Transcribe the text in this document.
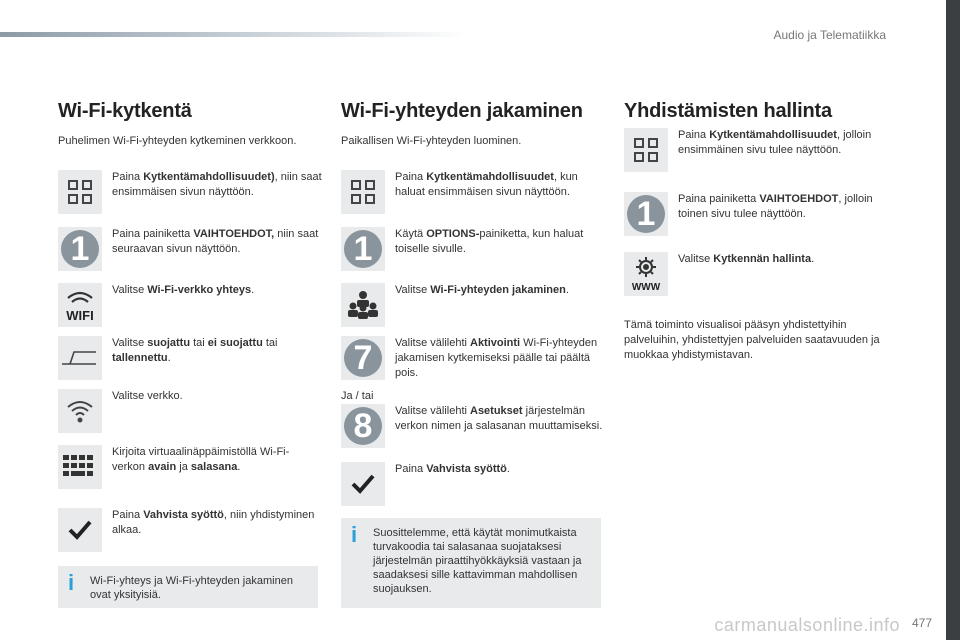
Audio ja Telematiikka
Wi-Fi-kytkentä
Puhelimen Wi-Fi-yhteyden kytkeminen verkkoon.
Paina Kytkentämahdollisuudet), niin saat ensimmäisen sivun näyttöön.
1	Paina painiketta VAIHTOEHDOT, niin saat seuraavan sivun näyttöön.
WIFI
Valitse Wi-Fi-verkko yhteys.
Valitse suojattu tai ei suojattu tai tallennettu.
Valitse verkko.
Kirjoita virtuaalinäppäimistöllä Wi-Fi-verkon avain ja salasana.
Paina Vahvista syöttö, niin yhdistyminen alkaa.
i Wi-Fi-yhteys ja Wi-Fi-yhteyden jakaminen ovat yksityisiä.
Wi-Fi-yhteyden jakaminen
Paikallisen Wi-Fi-yhteyden luominen.
Paina Kytkentämahdollisuudet, kun haluat ensimmäisen sivun näyttöön.
1	Käytä OPTIONS-painiketta, kun haluat toiselle sivulle.
Valitse Wi-Fi-yhteyden jakaminen.
7	Valitse välilehti Aktivointi Wi-Fi-yhteyden jakamisen kytkemiseksi päälle tai päältä pois.
8	Valitse välilehti Asetukset järjestelmän verkon nimen ja salasanan muuttamiseksi.
Paina Vahvista syöttö.
Ja / tai
i Suosittelemme, että käytät monimutkaista turvakoodia tai salasanaa suojataksesi järjestelmän piraattihyökkäyksiä vastaan ja saadaksesi sille kattavimman mahdollisen suojauksen.
Yhdistämisten hallinta
Paina Kytkentämahdollisuudet, jolloin ensimmäinen sivu tulee näyttöön.
1	Paina painiketta VAIHTOEHDOT, jolloin toinen sivu tulee näyttöön.
WWW
Valitse Kytkennän hallinta.
Tämä toiminto visualisoi pääsyn yhdistettyihin palveluihin, yhdistettyjen palveluiden saatavuuden ja muokkaa yhdistymistavan.
carmanualsonline.info 477
